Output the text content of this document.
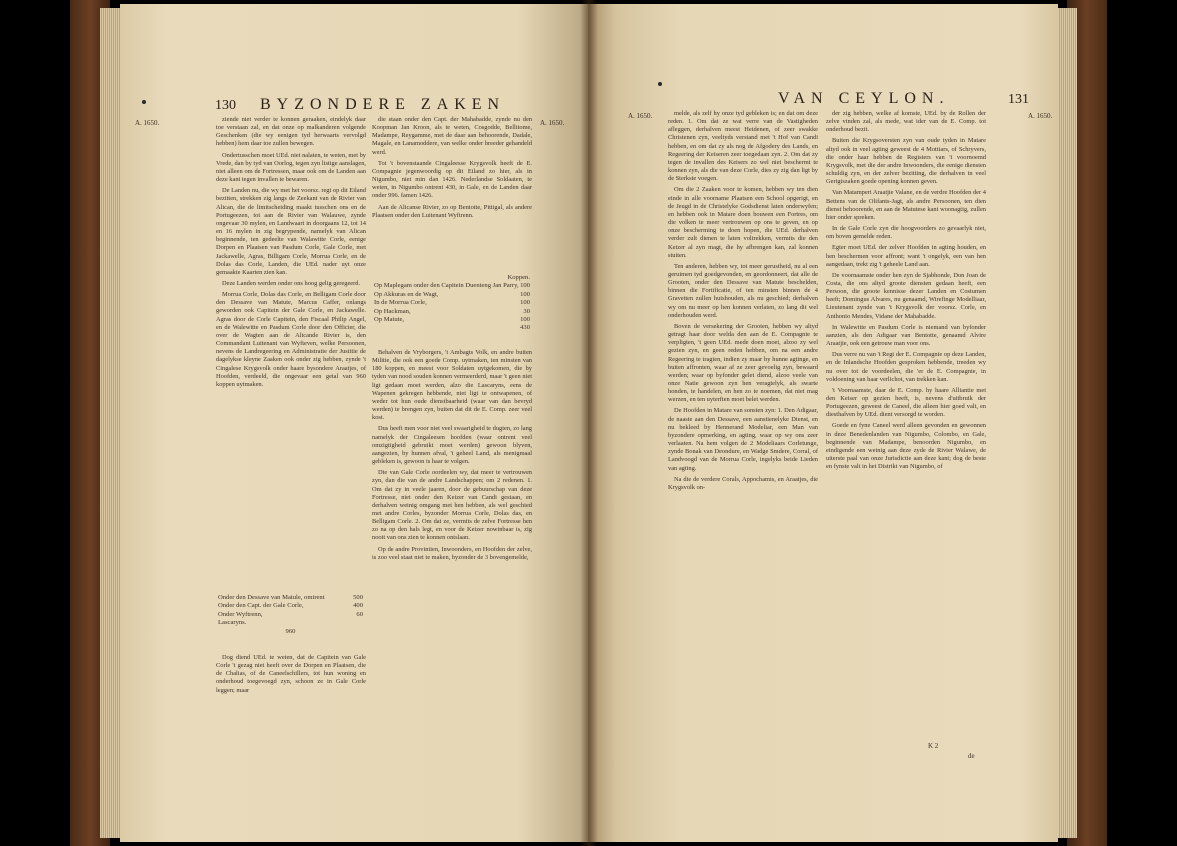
130 BYZONDERE ZAKEN
A. 1650.	A. 1650.

ziende niet verder te konnen geraaken, eindelyk daar toe verstaan zal, en dat onze op malkanderen volgende Geschenken (die wy eenigen tyd herwaarts vervolgd hebben) hem daar toe zullen bewegen.

Ondertusschen moet UEd. niet nalaten, te weten, met by Vrede, dan by tyd van Oorlog, tegen zyn listige aanslagen, niet alleen om de Fortressen, maar ook om de Landen aan deze kant tegen invallen te bewaren.

De Landen nu, die wy met het voorsz. regt op dit Eiland bezitten, strekken zig langs de Zeekant van de Rivier van Alican, die de limitscheiding maakt tusschen ons en de Portugeezen, tot aan de Rivier van Walauwe, zynde ongevaar 30 mylen, en Landwaart in doorgaans 12, tot 14 en 16 mylen in zig begrypende, namelyk van Alican beginnende, ten gedeelte van Walawitte Corle, eenige Dorpen en Plaatsen van Pasdum Corle, Gale Corle, met Jackawelle, Agras, Billigam Corle, Morrua Corle, en de Dolas das Corle, Landen, die UEd. nader uyt onze gemaakte Kaarten zien kan.

Deze Landen werden onder ons hoog gelig geregeerd.

Morrua Corle, Dolas das Corle, en Belligam Corle door den Dessave van Matute, Marcus Caffer, onlangs geworden ook Capitein der Gale Corle, en Jackawelle. Agras door de Corle Capitein, den Fiscaal Philip Angel, en de Walewitte en Pasdum Corle door den Officier, die over de Wagten aan de Alicande Rivier is, den Commandant Luitenant van Wyfteven, welke Persoonen, nevens de Landregeering en Administratie der Justitie de dagelykse kleyne Zaaken ook onder zig hebben, zynde 't Cingalese Krygsvolk onder haare bysondere Araatjes, of Hoofden, verdeeld, die ongevaar een getal van 960 koppen uytmaken.

Onder den Dessave van Matule, omtrent	500
Onder den Capt. der Gale Corle,	400
Onder Wyftrenn,	60
Lascaryns.
960

Dog diend UEd. te weten, dat de Capitein van Gale Corle 't gezag niet heeft over de Dorpen en Plaatsen, die de Chalias, of de Caneelschillers, tot hun woning en onderhoud toegevoegd zyn, schoon ze in Gale Corle leggen; maar

die staan onder den Capt. der Mahabadde, zynde nu den Koopman Jan Kroon, als te weten, Cosgodde, Bellitome, Madampe, Reygamme, met de daar aan behoorende, Dadale, Magale, en Lanamoddere, van welke onder breeder gehandeld werd.

Tot 't bovenstaande Cingaleesse Krygsvolk heeft de E. Compagnie jegenwoordig op dit Eiland zo hier, als in Nigumbo, niet min dan 1426. Nederlandse Soldaaten, te weten, in Nigumbo ontrent 430, in Gale, en de Landen daar onder 996. famen 1426.

Aan de Alicanse Rivier, zo op Bentotte, Pittigal, als andere Plaatsen onder den Luitenant Wyftrenn.

Koppen.
Op Maplegam onder den Capitein Duenteng Jan Parry, 100
Op Akkuras en de Wagt,	100
In de Morrua Corle,	100
Op Hackman,	30
Op Matute,	100
430

Behalven de Vryborgers, 't Ambagts Volk, en andre buiten Militie, die ook een goede Comp. uytmaken, ten minsten van 180 koppen, en meest voor Soldaten uytgekomen, die by tyden van nood souden konnen vermeerderd, maar 't geen niet ligt gedaan moet werden, alzo die Lascaryns, eens de Wapenen gekregen hebbende, niet ligt te ontwapenen, of weder tot hun oude dienstbaarheid (waar van dan bevryd werden) te brengen zyn, buiten dat dit de E. Comp. zeer veel kost.

Dus heeft men voor niet veel swaarigheid te dugten, zo lang namelyk der Cingaleesen hoofden (waar ontrent veel omzigtigheid gebruikt moet werden) gewoon blyven, aangezien, by hunnen afval, 't geheel Land, als menigmaal gebleken is, gewoon is haar te volgen.

Die van Gale Corle oordeelen wy, dat meer te vertrouwen zyn, dan die van de andre Landschappen; om 2 redenen. 1. Om dat zy in veele jaaren, door de gebuurschap van deze Fortresse, niet onder den Keizer van Candi gestaan, en derhalven weinig omgang met hen hebben, als wel geschied met andre Corles, byzonder Morrua Corle, Dolas das, en Belligam Corle. 2. Om dat ze, vermits de zelve Fortresse hen zo na op den hals legt, en voor de Keizer nowinbaar is, zig nooit van ons zien te konnen ontslaan.

Op de andre Provintien, Inwoonders, en Hoofden der zelve, is zoo veel staat niet te maken, byzonder de 3 bovengemelde,

VAN CEYLON.	131
A. 1650.	A. 1650.

melde, als zelf hy onze tyd gebleken is; en dat om deze reden. 1. Om dat ze wat verre van de Vastigheden afleggen, derhalven meest Heidenen, of zeer swakke Christenen zyn, veeltyds verstand met 't Hof van Candi hebben, en om dat zy als nog de Afgodery des Lands, en Regeering der Keiseren zeer toegedaan zyn. 2. Om dat zy tegen de invallen des Keisers zo wel niet beschermt te konnen zyn, als die van deze Corle, dies zy zig dan ligt by de Sterkste voegen.

Om die 2 Zaaken voor te komen, hebben wy ten dien einde in alle voorname Plaatsen een School opgerigt, en de Jeugd in de Christelyke Godsdienst laten onderwyfen; en hebben ook in Matare doen bouwen een Fortres, om die volken te meer vertrouwen op ons te geven, en op onze bescherming te doen hopen, die UEd. derhalven verder zult dienen te laten voltrekken, vermits die den Keizer al zyn magt, die hy afbrengen kan, zal konnen stuiten.

Ten anderen, hebben wy, tot meer gerustheid, nu al een geruimen tyd goedgevonden, en geordonneert, dat alle de Grooten, onder den Dessave van Matute beschelden, binnen die Fortificatie, of ten minsten binnen de 4 Gravetten zullen huishouden, als nu geschied; derhalven wy om nu meer op hen konnen verlaten, zo lang dit wel onderhouden werd.

Boven de versekering der Grooten, hebben wy altyd getragt haar door welda den aan de E. Compagnie te verpligten, 't geen UEd. mede doen moet, alzoo zy wel gezien zyn, en geen reden hebben, om na een andre Regeering te tragten, indien zy maar by hunne agtinge, en buiten affronten, waar af ze zeer gevoelig zyn, bewaard werden; waar op byfonder gelet diend, alzoo veele van onze Natie gewoon zyn hen veragtelyk, als swarte honden, te handelen, en hen zo te noemen, dat niet mag werzen, en ten uyterften moet belet werden.

De Hoofden in Matare van sonsten zyn: 1. Den Adigaar, de naaste aan den Dessave, een aanstienelyke Dienst, en nu bekleed by Hennerand Modeliar, een Man van byzondere opmerking, en agting, waar op wy ons zeer verlaaten. Na hem volgen de 2 Modeliaars Corletunge, zynde Bonak van Deondure, en Wadge Smdere, Corral, of Landvoogd van de Morrua Corle, ingelyks beide Lieden van agting.

Na die de verdere Corals, Appochamis, en Araatjes, die Krygsvolk on-

der zig hebben, welke af komste, UEd. by de Rollen der zelve vinden zal, als mede, wat ider van de E. Comp. tot onderhoud bezit.

Buiten die Krygsoversten zyn van oude tyden in Matare altyd ook in veel agting geweest de 4 Mottiars, of Schryvers, die onder haar hebben de Registers van 't voornoemd Krygsvolk, met die der andre Inwoonders, die eenige diensten schuldig zyn, en der zelver bezitting, die derhalven in veel Gerigtszaken goede opening konnen geven.

Van Matamperi Araatjie Valane, en de verdre Hoofden der 4 Bettens van de Olifants-Jagt, als andre Persoonen, ten dien dienst behoorende, en aan de Matutese kant woonagtig, zullen hier onder spreken.

In de Gale Corle zyn die hoogvoorders zo gevaarlyk niet, om boven gemelde reden.

Egter moet UEd. der zelver Hoofden in agting houden, en hen beschermen voor affront; want 't ongelyk, een van hen aangedaan, trekt zig 't geheele Land aan.

De voornaamste onder hen zyn de Sjabhonde, Don Joan de Costa, die ons altyd groote diensten gedaan heeft, een Persoon, die groote kennisse dezer Landen en Costumen heeft; Domingus Alvares, nu genaamd, Wirefinge Modelliaar, Lieutenant zynde van 't Krygsvolk der voorsz. Corle, en Anthonio Mendes, Vidane der Mahabadde.

In Walewitte en Pasdum Corle is niemand van byfonder aanzien, als den Adigaar van Bentotte, genaamd Alvire Araatjie, ook een getrouw man voor ons.

Dus verre nu van 't Regt der E. Compagnie op deze Landen, en de Inlandsche Hoofden gesproken hebbende, treeden wy nu over tot de voordeelen, die 'er de E. Compagnie, in voldoening van haar verlichot, van trekken kan.

't Voornaamste, daar de E. Comp. hy haare Alliantie met den Keiser op gezien heeft, is, nevens d'uitbruik der Portugeezen, geweest de Caneel, die alleen hier goed valt, en diesthalven by UEd. dient versorgd te worden.

Goede en fyne Caneel werd alleen gevonden en gewonnen in deze Benedenlanden van Nigumbo, Colombo, en Gale, beginnende van Madampe, benoorden Nigumbo, en eindigende een weinig aan deze zyde de Rivier Walawe, de uiterste paal van onze Jurisdictie aan deze kant; dog de beste en fynste valt in het Distrikt van Nigumbo, of

K 2
de
